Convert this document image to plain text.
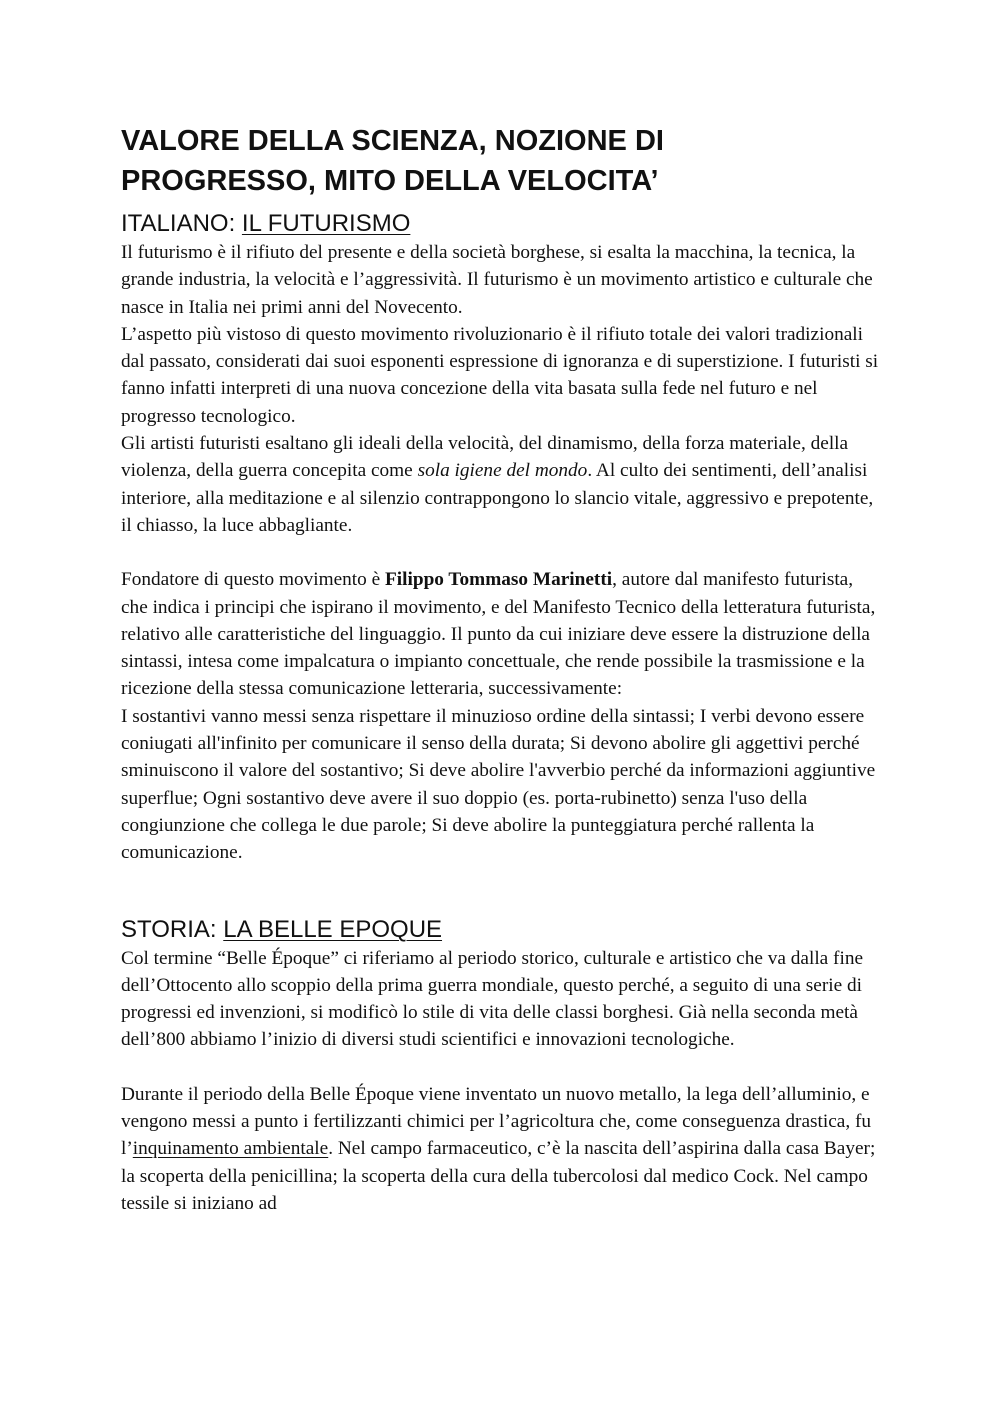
VALORE DELLA SCIENZA, NOZIONE DI
PROGRESSO, MITO DELLA VELOCITA’
ITALIANO: IL FUTURISMO

Il futurismo è il rifiuto del presente e della società borghese, si esalta la macchina, la tecnica, la grande industria, la velocità e l’aggressività. Il futurismo è un movimento artistico e culturale che nasce in Italia nei primi anni del Novecento.

L’aspetto più vistoso di questo movimento rivoluzionario è il rifiuto totale dei valori tradizionali dal passato, considerati dai suoi esponenti espressione di ignoranza e di superstizione. I futuristi si fanno infatti interpreti di una nuova concezione della vita basata sulla fede nel futuro e nel progresso tecnologico.

Gli artisti futuristi esaltano gli ideali della velocità, del dinamismo, della forza materiale, della violenza, della guerra concepita come sola igiene del mondo. Al culto dei sentimenti, dell’analisi interiore, alla meditazione e al silenzio contrappongono lo slancio vitale, aggressivo e prepotente, il chiasso, la luce abbagliante.

Fondatore di questo movimento è Filippo Tommaso Marinetti, autore dal manifesto futurista, che indica i principi che ispirano il movimento, e del Manifesto Tecnico della letteratura futurista, relativo alle caratteristiche del linguaggio. Il punto da cui iniziare deve essere la distruzione della sintassi, intesa come impalcatura o impianto concettuale, che rende possibile la trasmissione e la ricezione della stessa comunicazione letteraria, successivamente:

I sostantivi vanno messi senza rispettare il minuzioso ordine della sintassi; I verbi devono essere coniugati all'infinito per comunicare il senso della durata; Si devono abolire gli aggettivi perché sminuiscono il valore del sostantivo; Si deve abolire l'avverbio perché da informazioni aggiuntive superflue; Ogni sostantivo deve avere il suo doppio (es. porta-rubinetto) senza l'uso della congiunzione che collega le due parole; Si deve abolire la punteggiatura perché rallenta la comunicazione.

STORIA: LA BELLE EPOQUE

Col termine “Belle Époque” ci riferiamo al periodo storico, culturale e artistico che va dalla fine dell’Ottocento allo scoppio della prima guerra mondiale, questo perché, a seguito di una serie di progressi ed invenzioni, si modificò lo stile di vita delle classi borghesi. Già nella seconda metà dell’800 abbiamo l’inizio di diversi studi scientifici e innovazioni tecnologiche.

Durante il periodo della Belle Époque viene inventato un nuovo metallo, la lega dell’alluminio, e vengono messi a punto i fertilizzanti chimici per l’agricoltura che, come conseguenza drastica, fu l’inquinamento ambientale. Nel campo farmaceutico, c’è la nascita dell’aspirina dalla casa Bayer; la scoperta della penicillina; la scoperta della cura della tubercolosi dal medico Cock. Nel campo tessile si iniziano ad
